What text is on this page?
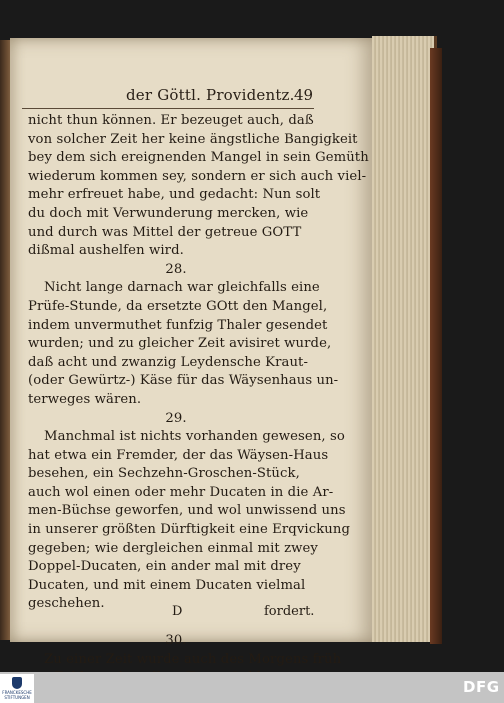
der Göttl. Providentz. 49
nicht thun können. Er bezeuget auch, daß
von solcher Zeit her keine ängstliche Bangigkeit
bey dem sich ereignenden Mangel in sein Gemüth
wiederum kommen sey, sondern er sich auch viel-
mehr erfreuet habe, und gedacht: Nun solt
du doch mit Verwunderung mercken, wie
und durch was Mittel der getreue GOTT
dißmal aushelfen wird.
28.
Nicht lange darnach war gleichfalls eine
Prüfe-Stunde, da ersetzte GOtt den Mangel,
indem unvermuthet funfzig Thaler gesendet
wurden; und zu gleicher Zeit avisiret wurde,
daß acht und zwanzig Leydensche Kraut-
(oder Gewürtz-) Käse für das Wäysenhaus un-
terweges wären.
29.
Manchmal ist nichts vorhanden gewesen, so
hat etwa ein Fremder, der das Wäysen-Haus
besehen, ein Sechzehn-Groschen-Stück,
auch wol einen oder mehr Ducaten in die Ar-
men-Büchse geworfen, und wol unwissend uns
in unserer größten Dürftigkeit eine Erqvickung
gegeben; wie dergleichen einmal mit zwey
Doppel-Ducaten, ein ander mal mit drey
Ducaten, und mit einem Ducaten vielmal
geschehen.
30.
Zu einer Zeit wurde auch des Morgens früh
D	fordert.
FRANCKESCHE STIFTUNGEN
DFG
